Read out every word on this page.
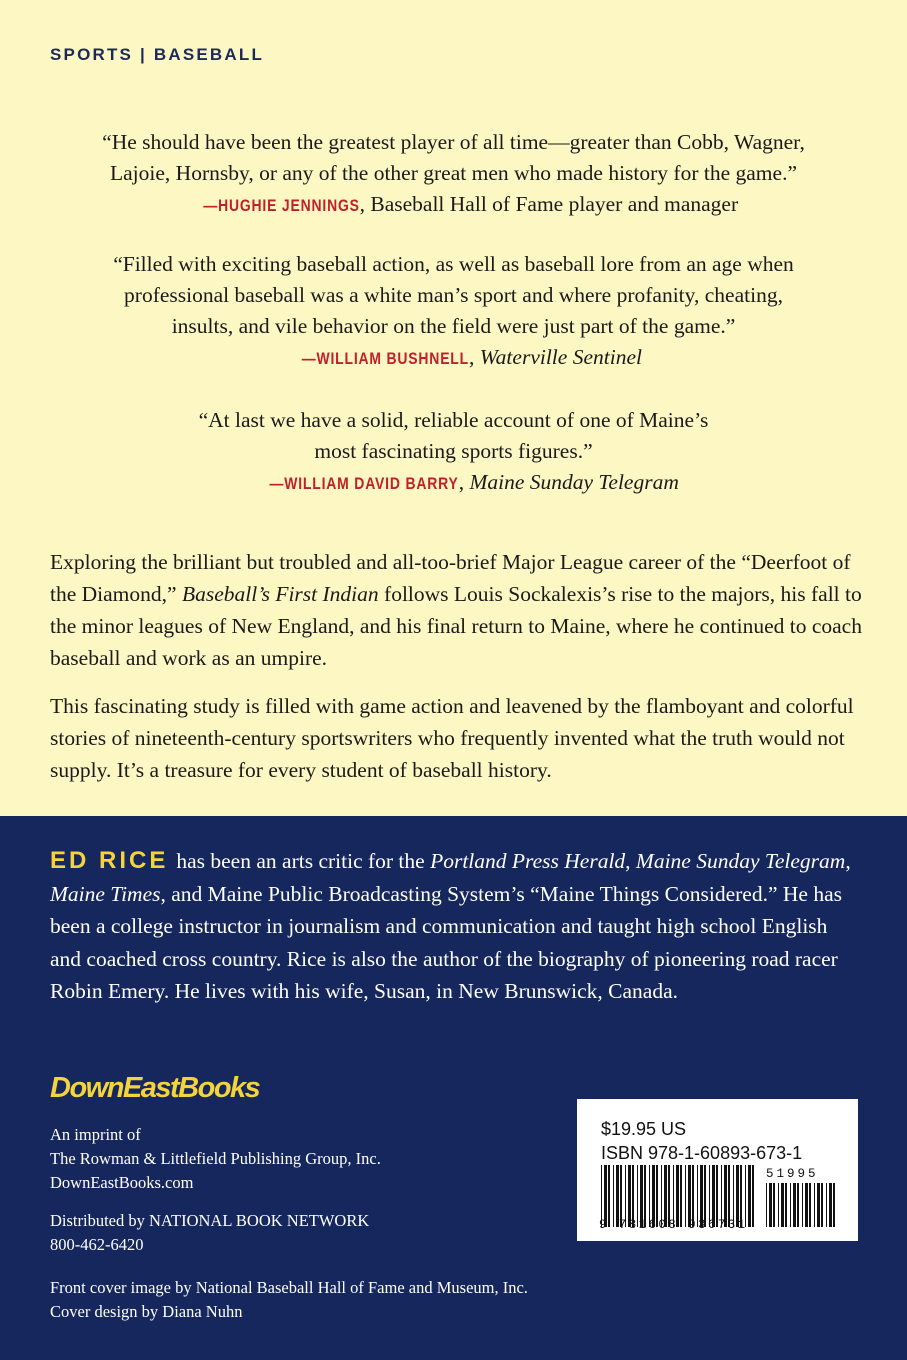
SPORTS | BASEBALL
“He should have been the greatest player of all time—greater than Cobb, Wagner,
Lajoie, Hornsby, or any of the other great men who made history for the game.”
—HUGHIE JENNINGS, Baseball Hall of Fame player and manager
“Filled with exciting baseball action, as well as baseball lore from an age when
professional baseball was a white man’s sport and where profanity, cheating,
insults, and vile behavior on the field were just part of the game.”
—WILLIAM BUSHNELL, Waterville Sentinel
“At last we have a solid, reliable account of one of Maine’s
most fascinating sports figures.”
—WILLIAM DAVID BARRY, Maine Sunday Telegram
Exploring the brilliant but troubled and all-too-brief Major League career of the “Deerfoot of the Diamond,” Baseball’s First Indian follows Louis Sockalexis’s rise to the majors, his fall to the minor leagues of New England, and his final return to Maine, where he continued to coach baseball and work as an umpire.
This fascinating study is filled with game action and leavened by the flamboyant and colorful stories of nineteenth-century sportswriters who frequently invented what the truth would not supply. It’s a treasure for every student of baseball history.
ED RICE has been an arts critic for the Portland Press Herald, Maine Sunday Telegram, Maine Times, and Maine Public Broadcasting System’s “Maine Things Considered.” He has been a college instructor in journalism and communication and taught high school English and coached cross country. Rice is also the author of the biography of pioneering road racer Robin Emery. He lives with his wife, Susan, in New Brunswick, Canada.
DownEastBooks
An imprint of
The Rowman & Littlefield Publishing Group, Inc.
DownEastBooks.com
Distributed by NATIONAL BOOK NETWORK
800-462-6420
Front cover image by National Baseball Hall of Fame and Museum, Inc.
Cover design by Diana Nuhn
$19.95 US
ISBN 978-1-60893-673-1
51995
9 781608 936731
